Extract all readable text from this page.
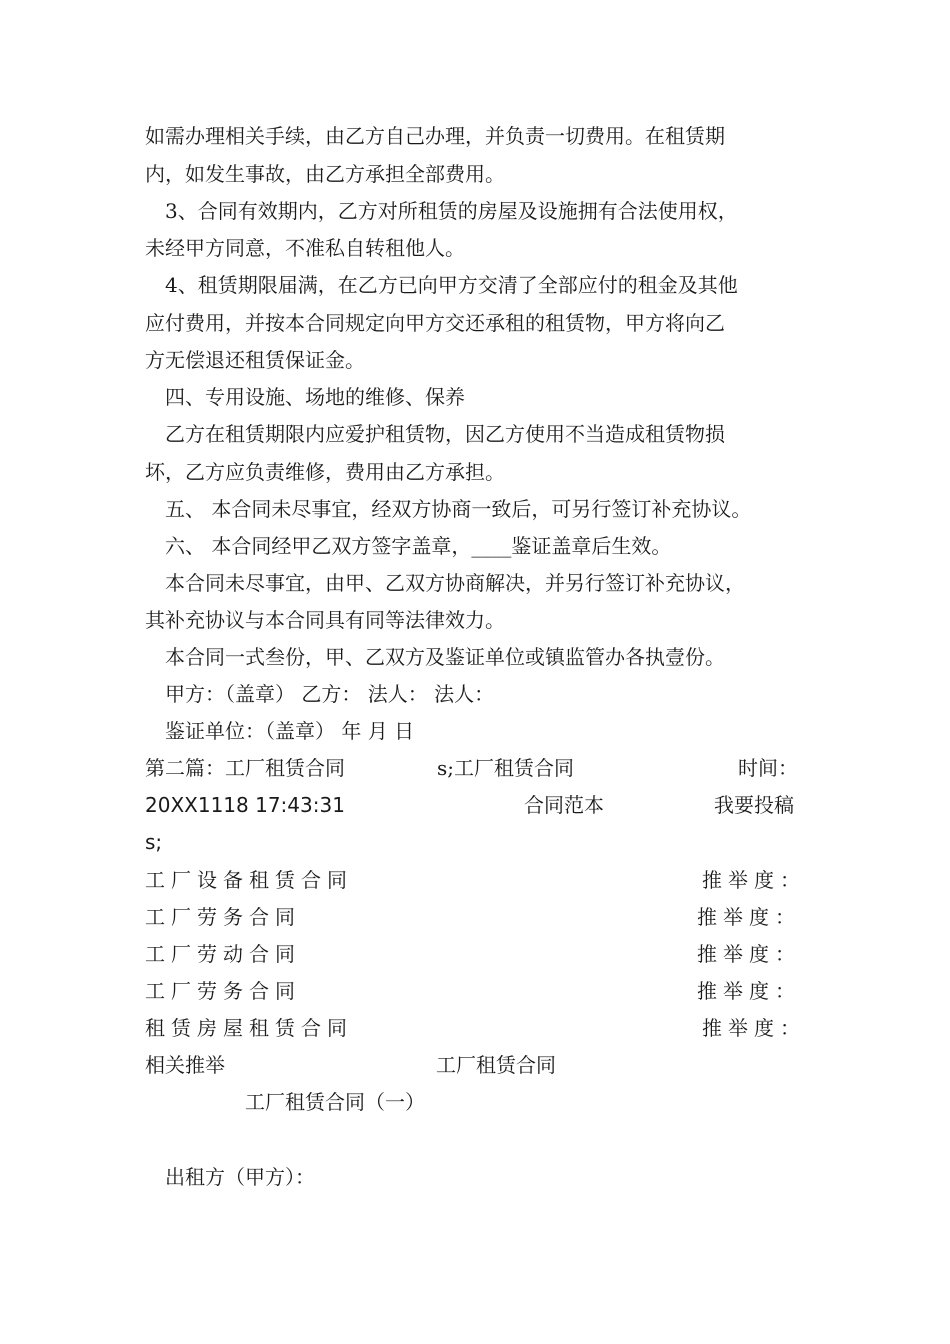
如需办理相关手续，由乙方自己办理，并负责一切费用。在租赁期
内，如发生事故，由乙方承担全部费用。
3、合同有效期内，乙方对所租赁的房屋及设施拥有合法使用权，
未经甲方同意，不准私自转租他人。
4、租赁期限届满，在乙方已向甲方交清了全部应付的租金及其他
应付费用，并按本合同规定向甲方交还承租的租赁物，甲方将向乙
方无偿退还租赁保证金。
四、专用设施、场地的维修、保养
乙方在租赁期限内应爱护租赁物，因乙方使用不当造成租赁物损
坏，乙方应负责维修，费用由乙方承担。
五、 本合同未尽事宜，经双方协商一致后，可另行签订补充协议。
六、 本合同经甲乙双方签字盖章，____鉴证盖章后生效。
本合同未尽事宜，由甲、乙双方协商解决，并另行签订补充协议，
其补充协议与本合同具有同等法律效力。
本合同一式叁份，甲、乙双方及鉴证单位或镇监管办各执壹份。
甲方：（盖章） 乙方： 法人： 法人：
鉴证单位：（盖章） 年 月 日
第二篇：工厂租赁合同	s;工厂租赁合同	时间：
20XX1118 17:43:31	合同范本	我要投稿
s;
工厂设备租赁合同	推举度：
工厂劳务合同	推举度：
工厂劳动合同	推举度：
工厂劳务合同	推举度：
租赁房屋租赁合同	推举度：
相关推举	工厂租赁合同
工厂租赁合同（一）
出租方（甲方）：
